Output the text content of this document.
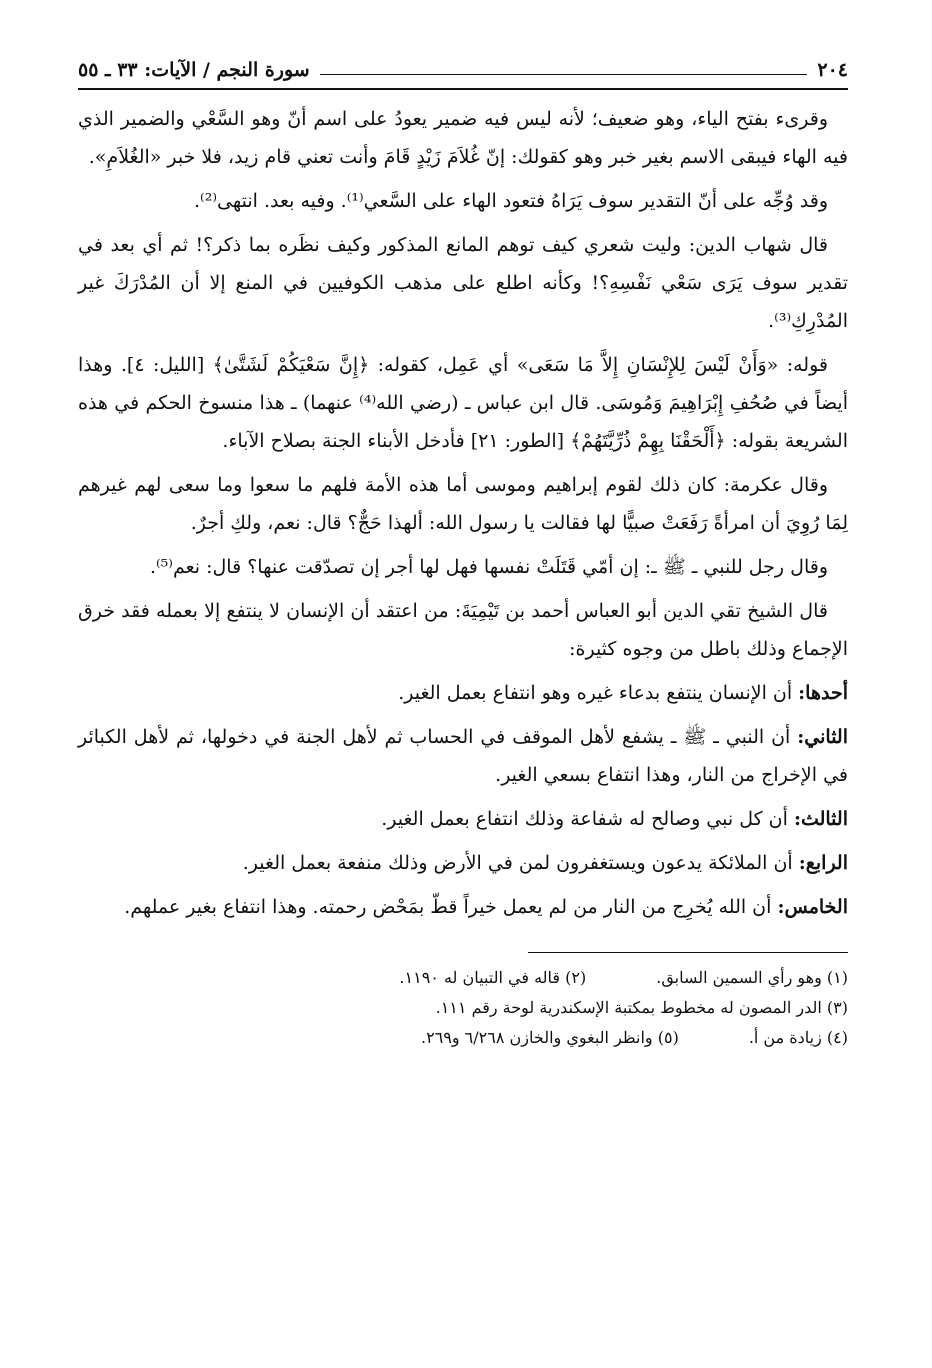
٢٠٤
سورة النجم / الآيات: ٣٣ ـ ٥٥

وقرىء بفتح الياء، وهو ضعيف؛ لأنه ليس فيه ضمير يعودُ على اسم أنّ وهو السَّعْي والضمير الذي فيه الهاء فيبقى الاسم بغير خبر وهو كقولك: إنّ غُلاَمَ زَيْدٍ قَامَ وأنت تعني قام زيد، فلا خبر «الغُلاَمِ».

وقد وُجِّه على أنّ التقدير سوف يَرَاهُ فتعود الهاء على السَّعي⁽¹⁾. وفيه بعد. انتهى⁽²⁾.

قال شهاب الدين: وليت شعري كيف توهم المانع المذكور وكيف نظَره بما ذكر؟! ثم أي بعد في تقدير سوف يَرَى سَعْي نَفْسِهِ؟! وكأنه اطلع على مذهب الكوفيين في المنع إلا أن المُدْرَكَ غير المُدْرِكِ⁽³⁾.

قوله: «وَأَنْ لَيْسَ لِلإِنْسَانِ إِلاَّ مَا سَعَى» أي عَمِل، كقوله: ﴿إِنَّ سَعْيَكُمْ لَشَتَّىٰ﴾ [الليل: ٤]. وهذا أيضاً في صُحُفِ إِبْرَاهِيمَ وَمُوسَى. قال ابن عباس ـ (رضي الله⁽⁴⁾ عنهما) ـ هذا منسوخ الحكم في هذه الشريعة بقوله: ﴿أَلْحَقْنَا بِهِمْ ذُرِّيَّتَهُمْ﴾ [الطور: ٢١] فأدخل الأبناء الجنة بصلاح الآباء.

وقال عكرمة: كان ذلك لقوم إبراهيم وموسى أما هذه الأمة فلهم ما سعوا وما سعى لهم غيرهم لِمَا رُوِيَ أن امرأةً رَفَعَتْ صبيًّا لها فقالت يا رسول الله: ألهذا حَجٌّ؟ قال: نعم، ولكِ أجرٌ.

وقال رجل للنبي ـ ﷺ ـ: إن أمّي قَتَلَتْ نفسها فهل لها أجر إن تصدّقت عنها؟ قال: نعم⁽⁵⁾.

قال الشيخ تقي الدين أبو العباس أحمد بن تَيْمِيَةَ: من اعتقد أن الإنسان لا ينتفع إلا بعمله فقد خرق الإجماع وذلك باطل من وجوه كثيرة:

أحدها: أن الإنسان ينتفع بدعاء غيره وهو انتفاع بعمل الغير.

الثاني: أن النبي ـ ﷺ ـ يشفع لأهل الموقف في الحساب ثم لأهل الجنة في دخولها، ثم لأهل الكبائر في الإخراج من النار، وهذا انتفاع بسعي الغير.

الثالث: أن كل نبي وصالح له شفاعة وذلك انتفاع بعمل الغير.

الرابع: أن الملائكة يدعون ويستغفرون لمن في الأرض وذلك منفعة بعمل الغير.

الخامس: أن الله يُخرِج من النار من لم يعمل خيراً قطّ بمَحْض رحمته. وهذا انتفاع بغير عملهم.

(١) وهو رأي السمين السابق.
(٢) قاله في التبيان له ١١٩٠.
(٣) الدر المصون له مخطوط بمكتبة الإسكندرية لوحة رقم ١١١.
(٤) زيادة من أ.
(٥) وانظر البغوي والخازن ٦/٢٦٨ و٢٦٩.
